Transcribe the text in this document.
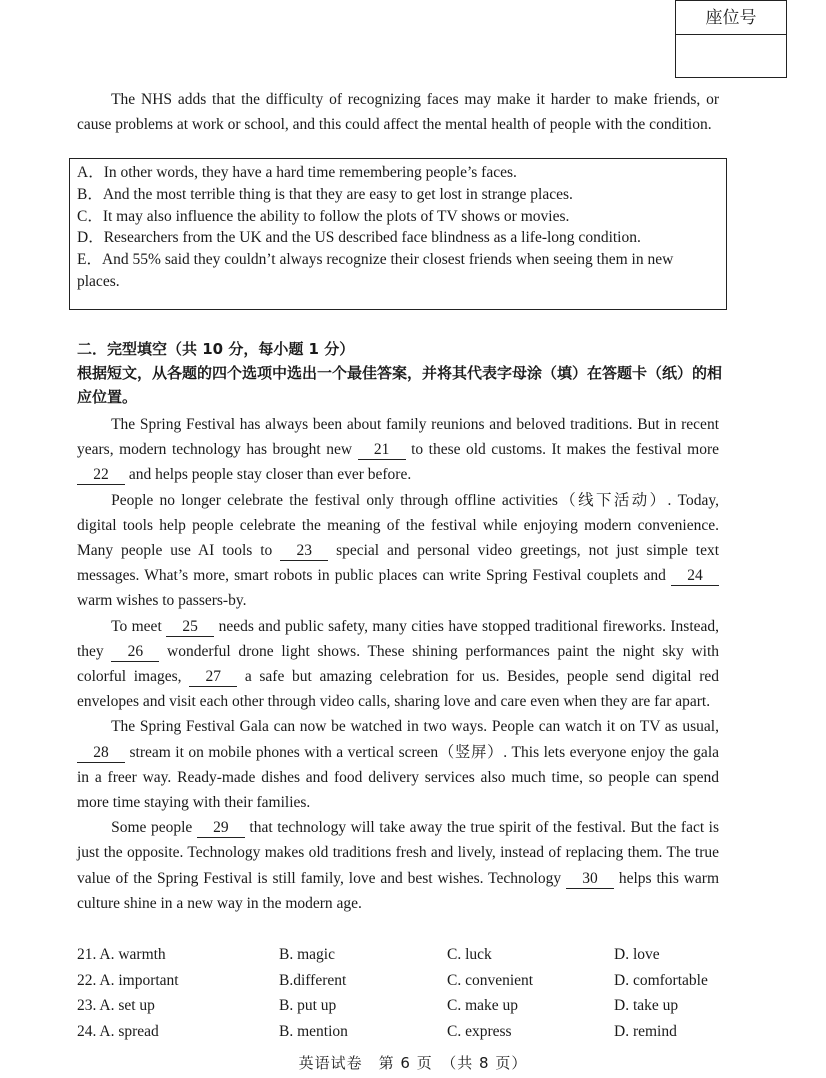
座位号

The NHS adds that the difficulty of recognizing faces may make it harder to make friends, or cause problems at work or school, and this could affect the mental health of people with the condition.

A．In other words, they have a hard time remembering people’s faces.

B．And the most terrible thing is that they are easy to get lost in strange places.

C．It may also influence the ability to follow the plots of TV shows or movies.

D．Researchers from the UK and the US described face blindness as a life-long condition.

E．And 55% said they couldn’t always recognize their closest friends when seeing them in new places.

二．完型填空（共 10 分，每小题 1 分）
根据短文，从各题的四个选项中选出一个最佳答案，并将其代表字母涂（填）在答题卡（纸）的相应位置。

The Spring Festival has always been about family reunions and beloved traditions. But in recent years, modern technology has brought new 21 to these old customs. It makes the festival more 22 and helps people stay closer than ever before.

People no longer celebrate the festival only through offline activities（线下活动）. Today, digital tools help people celebrate the meaning of the festival while enjoying modern convenience. Many people use AI tools to 23 special and personal video greetings, not just simple text messages. What’s more, smart robots in public places can write Spring Festival couplets and 24 warm wishes to passers-by.

To meet 25 needs and public safety, many cities have stopped traditional fireworks. Instead, they 26 wonderful drone light shows. These shining performances paint the night sky with colorful images, 27 a safe but amazing celebration for us. Besides, people send digital red envelopes and visit each other through video calls, sharing love and care even when they are far apart.

The Spring Festival Gala can now be watched in two ways. People can watch it on TV as usual, 28 stream it on mobile phones with a vertical screen（竖屏）. This lets everyone enjoy the gala in a freer way. Ready-made dishes and food delivery services also much time, so people can spend more time staying with their families.

Some people 29 that technology will take away the true spirit of the festival. But the fact is just the opposite. Technology makes old traditions fresh and lively, instead of replacing them. The true value of the Spring Festival is still family, love and best wishes. Technology 30 helps this warm culture shine in a new way in the modern age.

21. A. warmth	B. magic	C. luck	D. love
22. A. important	B.different	C. convenient	D. comfortable
23. A. set up	B. put up	C. make up	D. take up
24. A. spread	B. mention	C. express	D. remind
英语试卷　第 6 页　（共 8 页）
